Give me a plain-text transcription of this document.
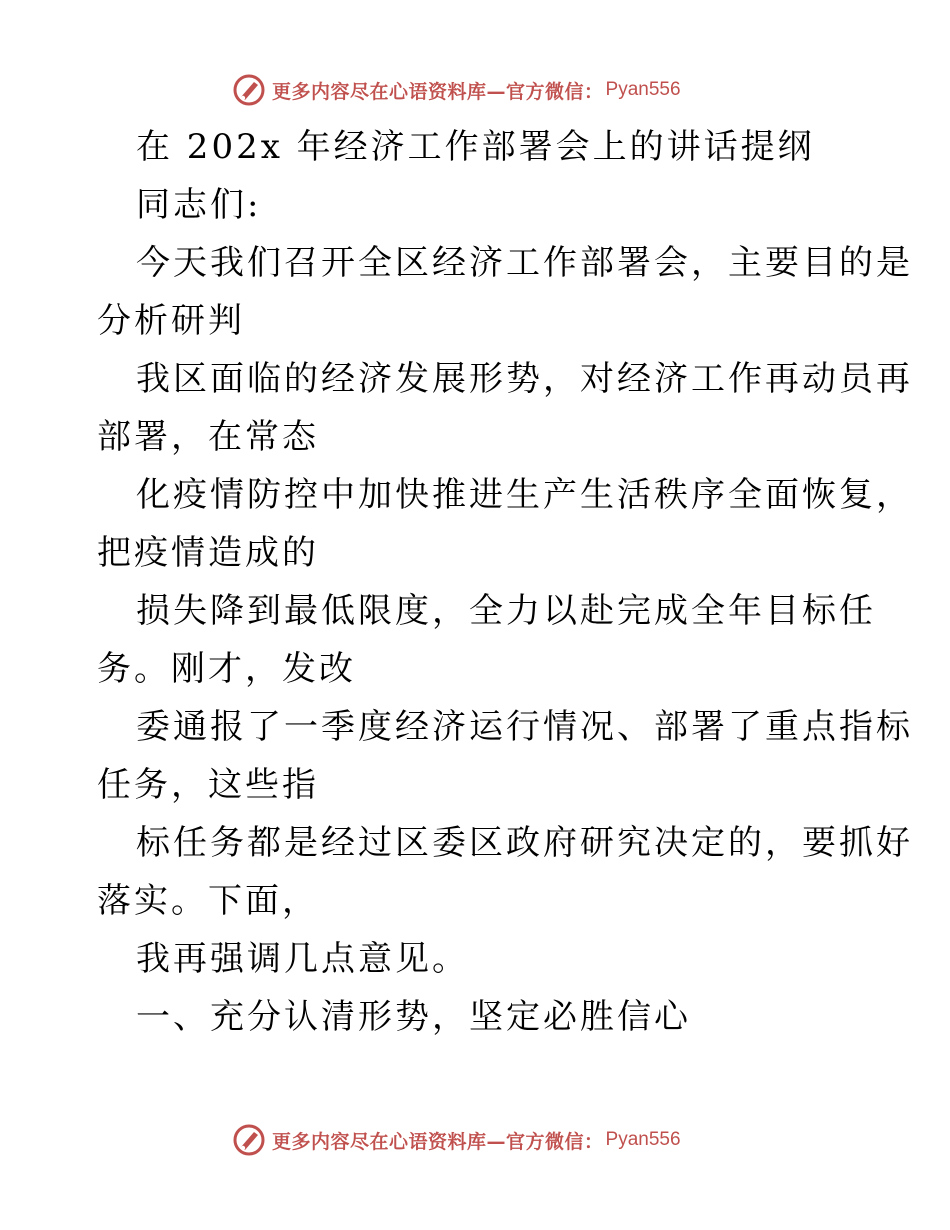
更多内容尽在心语资料库—官方微信： Pyan556
在 202x 年经济工作部署会上的讲话提纲
同志们:
今天我们召开全区经济工作部署会，主要目的是
分析研判
我区面临的经济发展形势，对经济工作再动员再
部署，在常态
化疫情防控中加快推进生产生活秩序全面恢复，
把疫情造成的
损失降到最低限度，全力以赴完成全年目标任
务。刚才，发改
委通报了一季度经济运行情况、部署了重点指标
任务，这些指
标任务都是经过区委区政府研究决定的，要抓好
落实。下面，
我再强调几点意见。
一、充分认清形势，坚定必胜信心
更多内容尽在心语资料库—官方微信： Pyan556
